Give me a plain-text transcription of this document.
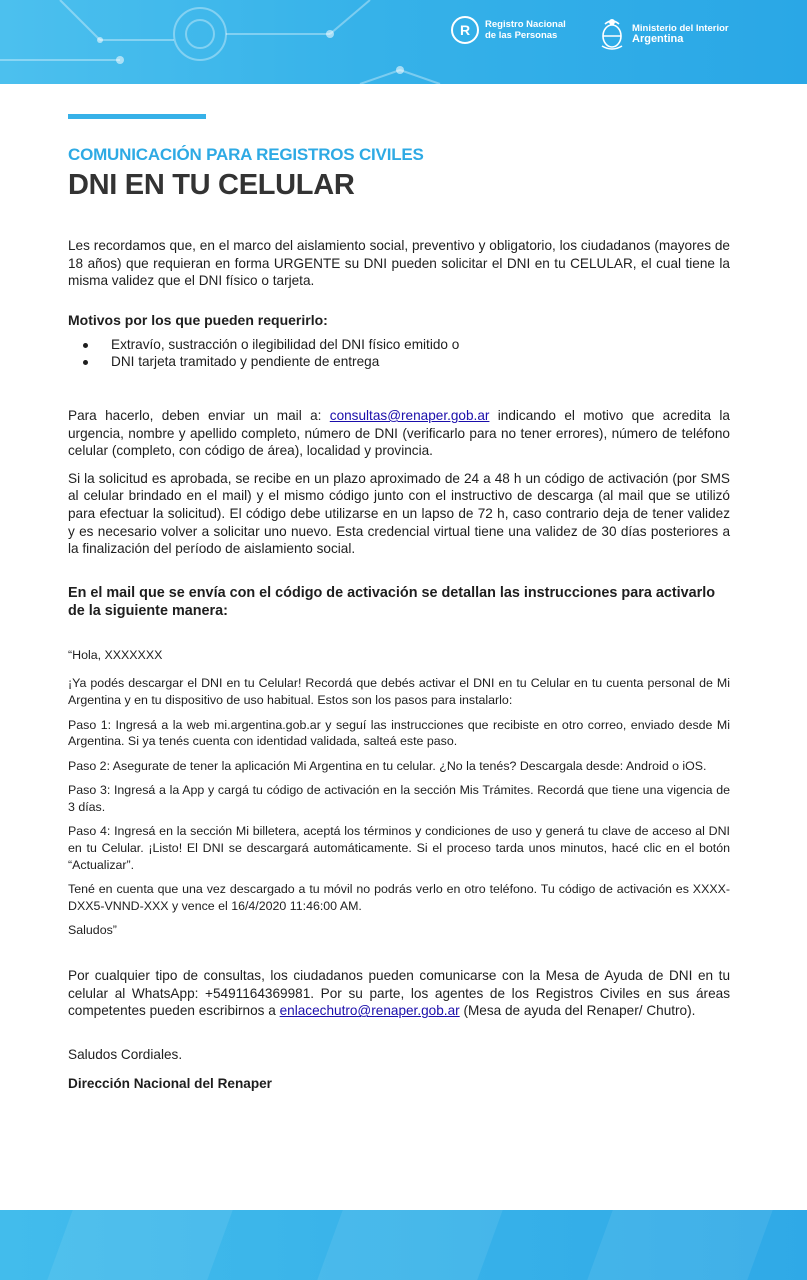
R	Registro Nacional
de las Personas
Ministerio del Interior
Argentina
COMUNICACIÓN PARA REGISTROS CIVILES
DNI EN TU CELULAR

Les recordamos que, en el marco del aislamiento social, preventivo y obligatorio, los ciudadanos (mayores de 18 años) que requieran en forma URGENTE su DNI pueden solicitar el DNI en tu CELULAR, el cual tiene la misma validez que el DNI físico o tarjeta.

Motivos por los que pueden requerirlo:
Extravío, sustracción o ilegibilidad del DNI físico emitido o
DNI tarjeta tramitado y pendiente de entrega

Para hacerlo, deben enviar un mail a: consultas@renaper.gob.ar indicando el motivo que acredita la urgencia, nombre y apellido completo, número de DNI (verificarlo para no tener errores), número de teléfono celular (completo, con código de área), localidad y provincia.

Si la solicitud es aprobada, se recibe en un plazo aproximado de 24 a 48 h un código de activación (por SMS al celular brindado en el mail) y el mismo código junto con el instructivo de descarga (al mail que se utilizó para efectuar la solicitud). El código debe utilizarse en un lapso de 72 h, caso contrario deja de tener validez y es necesario volver a solicitar uno nuevo. Esta credencial virtual tiene una validez de 30 días posteriores a la finalización del período de aislamiento social.

En el mail que se envía con el código de activación se detallan las instrucciones para activarlo de la siguiente manera:

“Hola, XXXXXXX

¡Ya podés descargar el DNI en tu Celular! Recordá que debés activar el DNI en tu Celular en tu cuenta personal de Mi Argentina y en tu dispositivo de uso habitual. Estos son los pasos para instalarlo:

Paso 1: Ingresá a la web mi.argentina.gob.ar y seguí las instrucciones que recibiste en otro correo, enviado desde Mi Argentina. Si ya tenés cuenta con identidad validada, salteá este paso.

Paso 2: Asegurate de tener la aplicación Mi Argentina en tu celular. ¿No la tenés? Descargala desde: Android o iOS.

Paso 3: Ingresá a la App y cargá tu código de activación en la sección Mis Trámites. Recordá que tiene una vigencia de 3 días.

Paso 4: Ingresá en la sección Mi billetera, aceptá los términos y condiciones de uso y generá tu clave de acceso al DNI en tu Celular. ¡Listo! El DNI se descargará automáticamente. Si el proceso tarda unos minutos, hacé clic en el botón “Actualizar”.

Tené en cuenta que una vez descargado a tu móvil no podrás verlo en otro teléfono. Tu código de activación es XXXX-DXX5-VNND-XXX y vence el 16/4/2020 11:46:00 AM.

Saludos”

Por cualquier tipo de consultas, los ciudadanos pueden comunicarse con la Mesa de Ayuda de DNI en tu celular al WhatsApp: +5491164369981. Por su parte, los agentes de los Registros Civiles en sus áreas competentes pueden escribirnos a enlacechutro@renaper.gob.ar (Mesa de ayuda del Renaper/ Chutro).

Saludos Cordiales.

Dirección Nacional del Renaper
